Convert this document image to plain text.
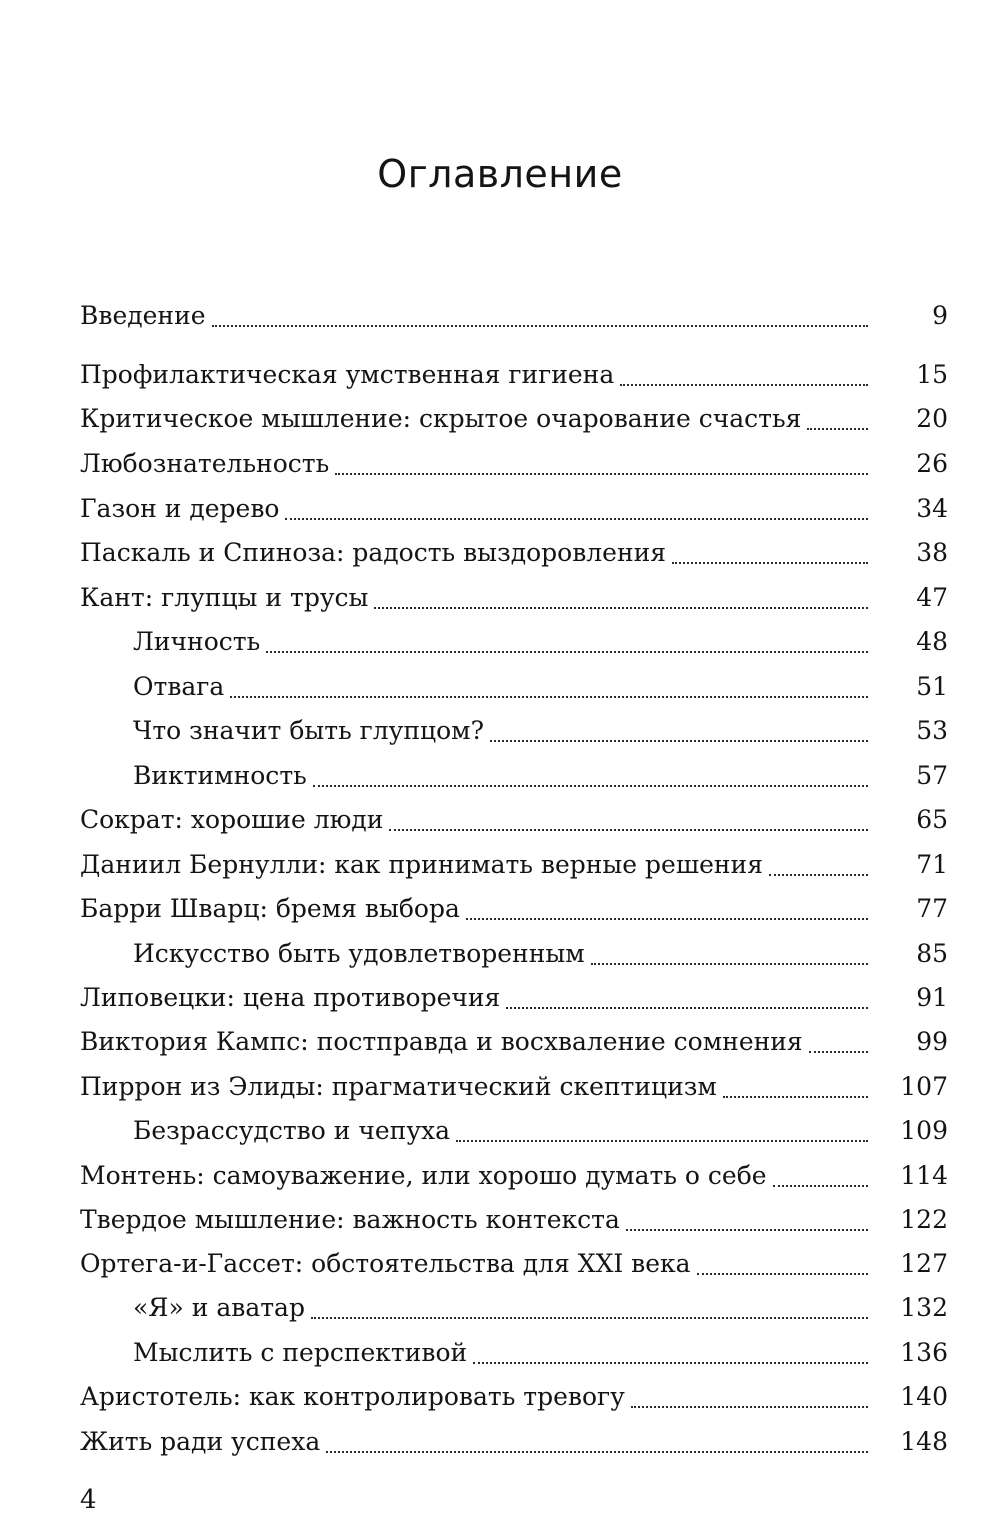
Оглавление
Введение	9
Профилактическая умственная гигиена	15
Критическое мышление: скрытое очарование счастья	20
Любознательность	26
Газон и дерево	34
Паскаль и Спиноза: радость выздоровления	38
Кант: глупцы и трусы	47
Личность	48
Отвага	51
Что значит быть глупцом?	53
Виктимность	57
Сократ: хорошие люди	65
Даниил Бернулли: как принимать верные решения	71
Барри Шварц: бремя выбора	77
Искусство быть удовлетворенным	85
Липовецки: цена противоречия	91
Виктория Кампс: постправда и восхваление сомнения	99
Пиррон из Элиды: прагматический скептицизм	107
Безрассудство и чепуха	109
Монтень: самоуважение, или хорошо думать о себе	114
Твердое мышление: важность контекста	122
Ортега-и-Гассет: обстоятельства для XXI века	127
«Я» и аватар	132
Мыслить с перспективой	136
Аристотель: как контролировать тревогу	140
Жить ради успеха	148
4
